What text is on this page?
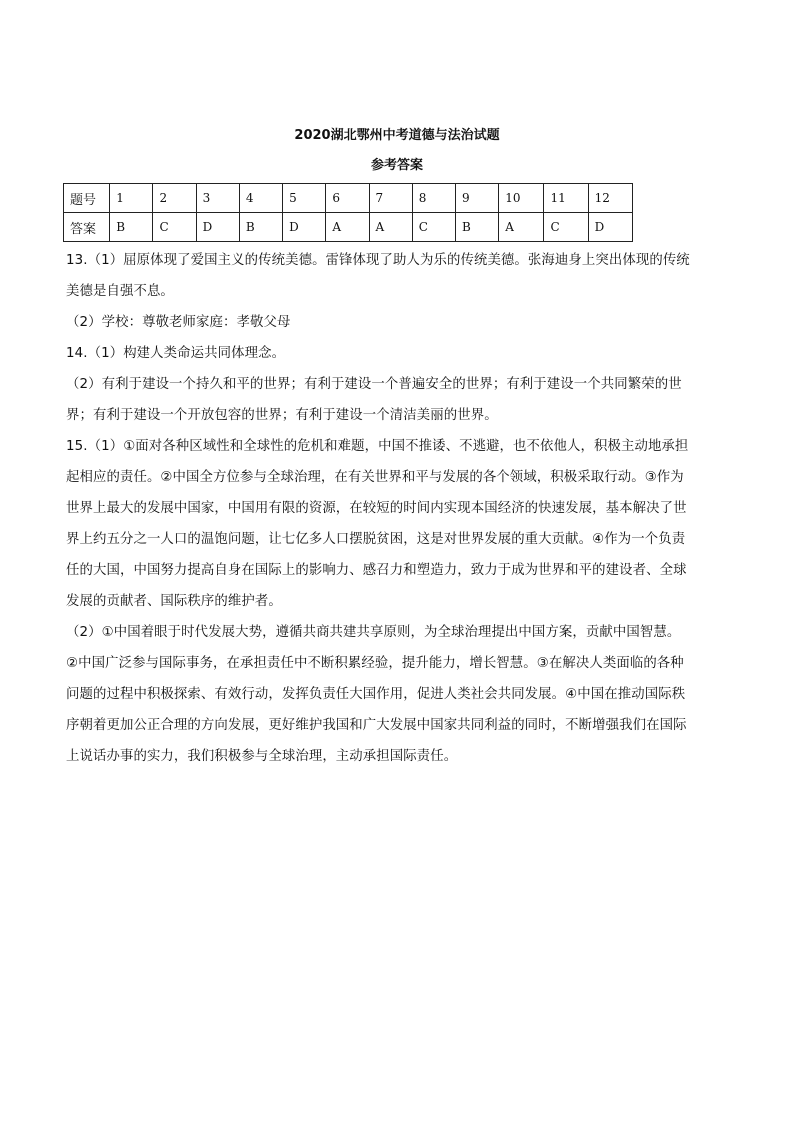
2020湖北鄂州中考道德与法治试题
参考答案
题号	1	2	3	4	5	6	7	8	9	10	11	12
答案	B	C	D	B	D	A	A	C	B	A	C	D
13.（1）屈原体现了爱国主义的传统美德。雷锋体现了助人为乐的传统美德。张海迪身上突出体现的传统
美德是自强不息。
（2）学校：尊敬老师家庭：孝敬父母
14.（1）构建人类命运共同体理念。
（2）有利于建设一个持久和平的世界；有利于建设一个普遍安全的世界；有利于建设一个共同繁荣的世
界；有利于建设一个开放包容的世界；有利于建设一个清洁美丽的世界。
15.（1）①面对各种区域性和全球性的危机和难题，中国不推诿、不逃避，也不依他人，积极主动地承担
起相应的责任。②中国全方位参与全球治理，在有关世界和平与发展的各个领域，积极采取行动。③作为
世界上最大的发展中国家，中国用有限的资源，在较短的时间内实现本国经济的快速发展，基本解决了世
界上约五分之一人口的温饱问题，让七亿多人口摆脱贫困，这是对世界发展的重大贡献。④作为一个负责
任的大国，中国努力提高自身在国际上的影响力、感召力和塑造力，致力于成为世界和平的建设者、全球
发展的贡献者、国际秩序的维护者。
（2）①中国着眼于时代发展大势，遵循共商共建共享原则，为全球治理提出中国方案，贡献中国智慧。
②中国广泛参与国际事务，在承担责任中不断积累经验，提升能力，增长智慧。③在解决人类面临的各种
问题的过程中积极探索、有效行动，发挥负责任大国作用，促进人类社会共同发展。④中国在推动国际秩
序朝着更加公正合理的方向发展，更好维护我国和广大发展中国家共同利益的同时，不断增强我们在国际
上说话办事的实力，我们积极参与全球治理，主动承担国际责任。
